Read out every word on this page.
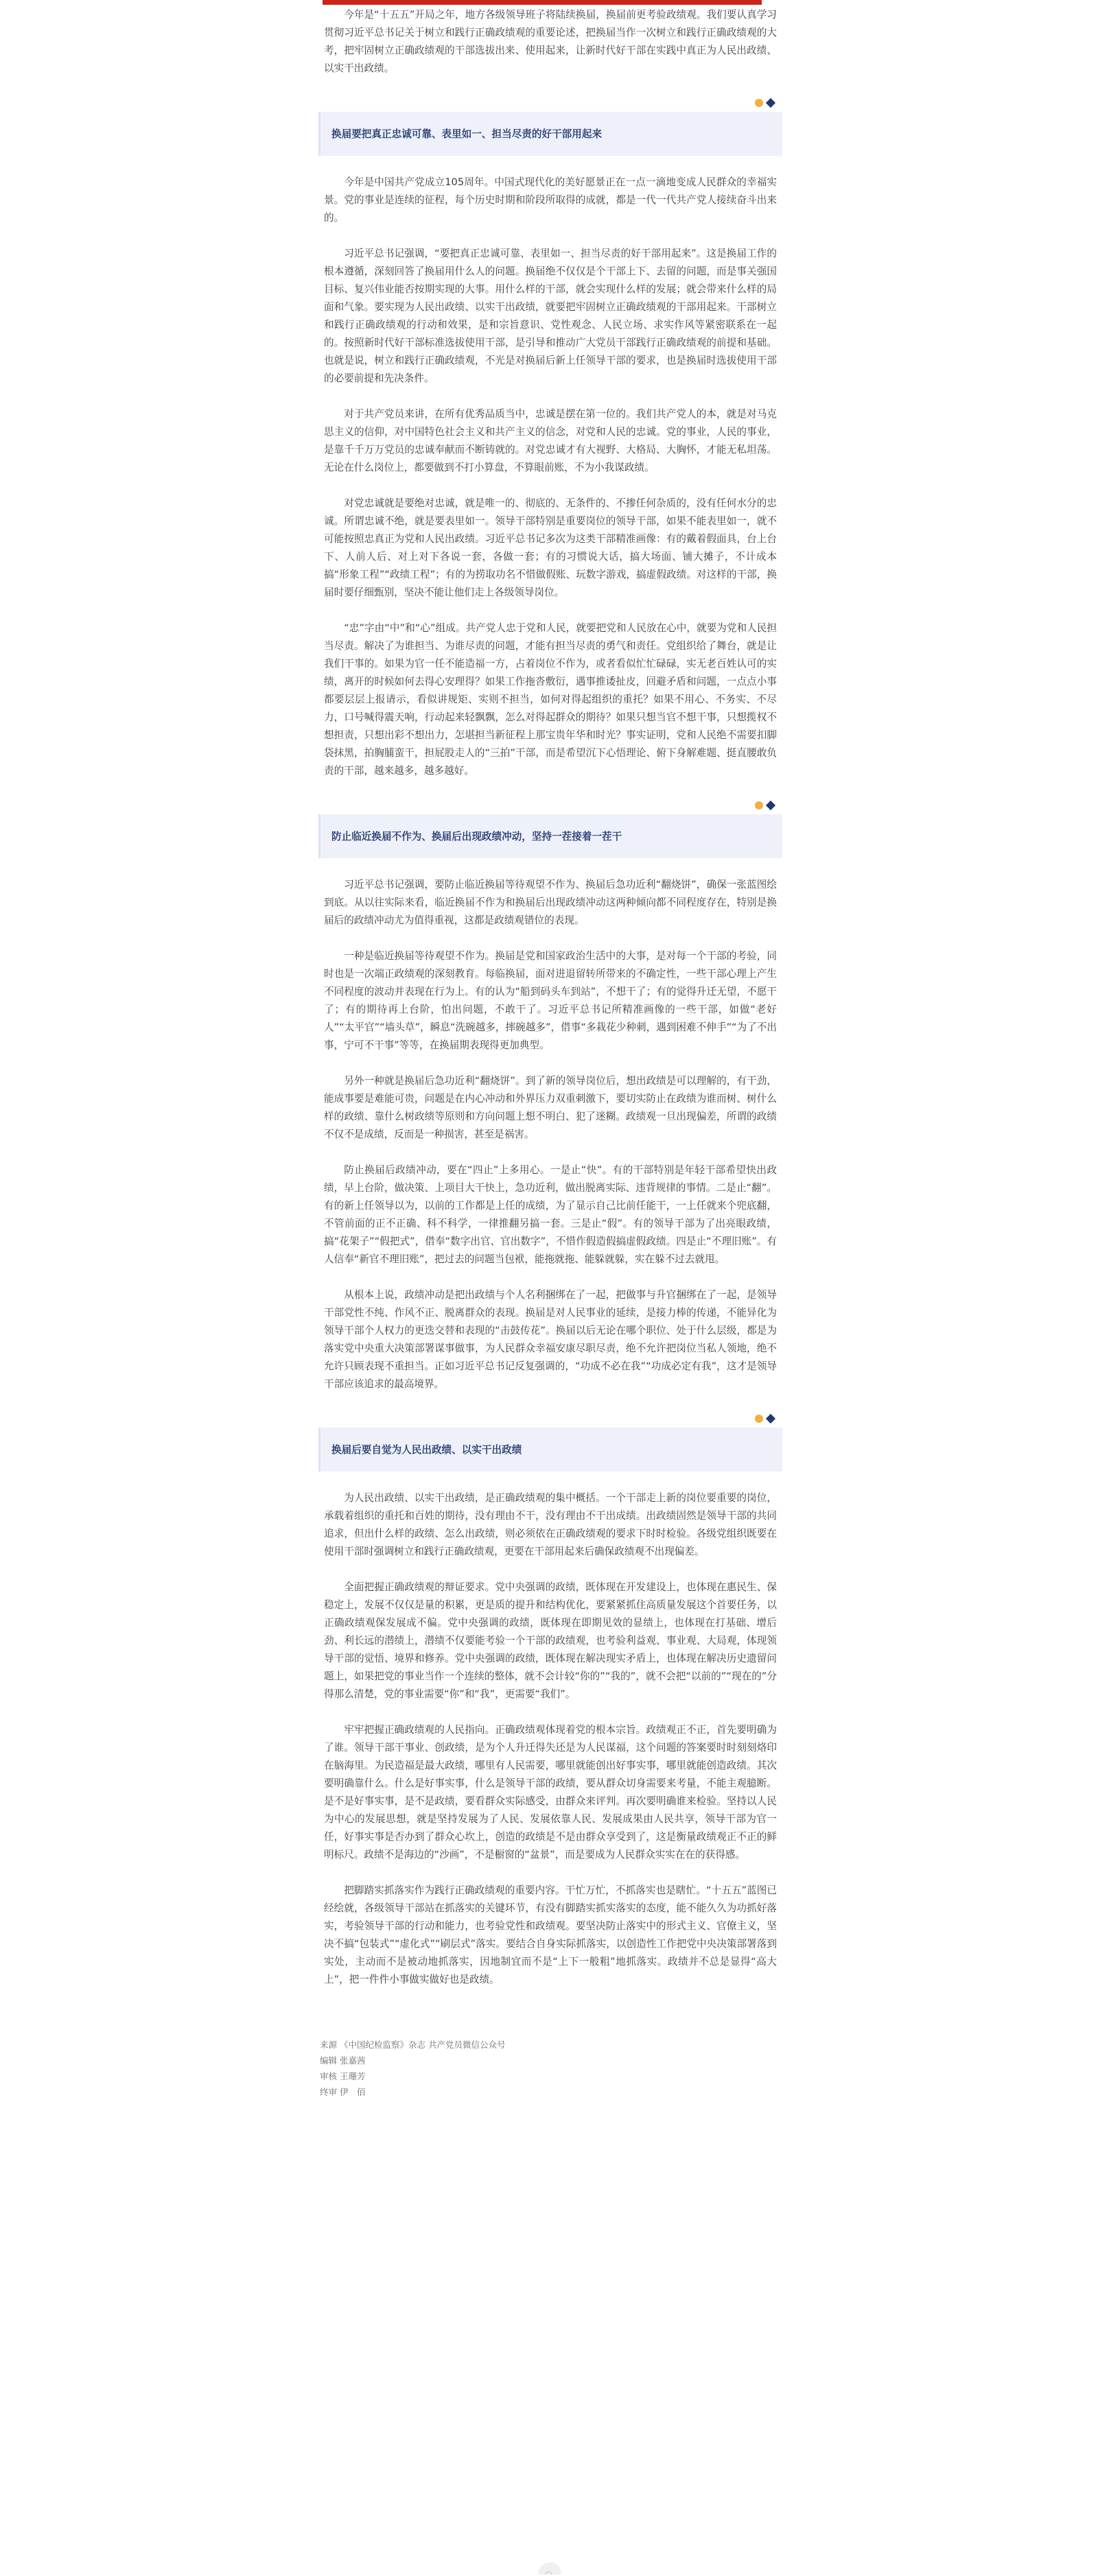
今年是“十五五”开局之年，地方各级领导班子将陆续换届，换届前更考验政绩观。我们要认真学习贯彻习近平总书记关于树立和践行正确政绩观的重要论述，把换届当作一次树立和践行正确政绩观的大考，把牢固树立正确政绩观的干部选拔出来、使用起来，让新时代好干部在实践中真正为人民出政绩、以实干出政绩。

换届要把真正忠诚可靠、表里如一、担当尽责的好干部用起来

今年是中国共产党成立105周年。中国式现代化的美好愿景正在一点一滴地变成人民群众的幸福实景。党的事业是连续的征程，每个历史时期和阶段所取得的成就，都是一代一代共产党人接续奋斗出来的。

习近平总书记强调，“要把真正忠诚可靠、表里如一、担当尽责的好干部用起来”。这是换届工作的根本遵循，深刻回答了换届用什么人的问题。换届绝不仅仅是个干部上下、去留的问题，而是事关强国目标、复兴伟业能否按期实现的大事。用什么样的干部，就会实现什么样的发展；就会带来什么样的局面和气象。要实现为人民出政绩、以实干出政绩，就要把牢固树立正确政绩观的干部用起来。干部树立和践行正确政绩观的行动和效果，是和宗旨意识、党性观念、人民立场、求实作风等紧密联系在一起的。按照新时代好干部标准选拔使用干部，是引导和推动广大党员干部践行正确政绩观的前提和基础。也就是说，树立和践行正确政绩观，不光是对换届后新上任领导干部的要求，也是换届时选拔使用干部的必要前提和先决条件。

对于共产党员来讲，在所有优秀品质当中，忠诚是摆在第一位的。我们共产党人的本，就是对马克思主义的信仰，对中国特色社会主义和共产主义的信念，对党和人民的忠诚。党的事业，人民的事业，是靠千千万万党员的忠诚奉献而不断铸就的。对党忠诚才有大视野、大格局、大胸怀，才能无私坦荡。无论在什么岗位上，都要做到不打小算盘，不算眼前账，不为小我谋政绩。

对党忠诚就是要绝对忠诚，就是唯一的、彻底的、无条件的、不掺任何杂质的，没有任何水分的忠诚。所谓忠诚不绝，就是要表里如一。领导干部特别是重要岗位的领导干部，如果不能表里如一，就不可能按照忠真正为党和人民出政绩。习近平总书记多次为这类干部精准画像：有的戴着假面具，台上台下、人前人后、对上对下各说一套，各做一套；有的习惯说大话，搞大场面、铺大摊子，不计成本搞“形象工程”“政绩工程”；有的为捞取功名不惜做假账、玩数字游戏，搞虚假政绩。对这样的干部，换届时要仔细甄别，坚决不能让他们走上各级领导岗位。

“忠”字由“中”和“心”组成。共产党人忠于党和人民，就要把党和人民放在心中，就要为党和人民担当尽责。解决了为谁担当、为谁尽责的问题，才能有担当尽责的勇气和责任。党组织给了舞台，就是让我们干事的。如果为官一任不能造福一方，占着岗位不作为，或者看似忙忙碌碌，实无老百姓认可的实绩，离开的时候如何去得心安理得？如果工作拖沓敷衍，遇事推诿扯皮，回避矛盾和问题，一点点小事都要层层上报请示，看似讲规矩、实则不担当，如何对得起组织的重托？如果不用心、不务实、不尽力，口号喊得震天响，行动起来轻飘飘，怎么对得起群众的期待？如果只想当官不想干事，只想揽权不想担责，只想出彩不想出力，怎堪担当新征程上那宝贵年华和时光？事实证明，党和人民绝不需要扣脚袋抹黑，拍胸脯蛮干，担屁股走人的“三拍”干部，而是希望沉下心悟理论、俯下身解难题、挺直腰敢负责的干部，越来越多，越多越好。

防止临近换届不作为、换届后出现政绩冲动，坚持一茬接着一茬干

习近平总书记强调，要防止临近换届等待观望不作为、换届后急功近利“翻烧饼”，确保一张蓝图绘到底。从以往实际来看，临近换届不作为和换届后出现政绩冲动这两种倾向都不同程度存在，特别是换届后的政绩冲动尤为值得重视，这都是政绩观错位的表现。

一种是临近换届等待观望不作为。换届是党和国家政治生活中的大事，是对每一个干部的考验，同时也是一次端正政绩观的深刻教育。每临换届，面对进退留转所带来的不确定性，一些干部心理上产生不同程度的波动并表现在行为上。有的认为“船到码头车到站”，不想干了；有的觉得升迁无望，不愿干了；有的期待再上台阶，怕出问题，不敢干了。习近平总书记所精准画像的一些干部，如做“老好人”“太平官”“墙头草”，瞬息“洗碗越多，摔碗越多”，借事“多栽花少种刺，遇到困难不伸手”“为了不出事，宁可不干事”等等，在换届期表现得更加典型。

另外一种就是换届后急功近利“翻烧饼”。到了新的领导岗位后，想出政绩是可以理解的，有干劲，能成事要是难能可贵，问题是在内心冲动和外界压力双重刺激下，要切实防止在政绩为谁而树、树什么样的政绩、靠什么树政绩等原则和方向问题上想不明白、犯了迷糊。政绩观一旦出现偏差，所谓的政绩不仅不是成绩，反而是一种损害，甚至是祸害。

防止换届后政绩冲动，要在“四止”上多用心。一是止“快”。有的干部特别是年轻干部希望快出政绩，早上台阶，做决策、上项目大干快上，急功近利，做出脱离实际、违背规律的事情。二是止“翻”。有的新上任领导以为，以前的工作都是上任的成绩，为了显示自己比前任能干，一上任就来个兜底翻，不管前面的正不正确、科不科学，一律推翻另搞一套。三是止“假”。有的领导干部为了出亮眼政绩，搞“花架子”“假把式”，借奉“数字出官、官出数字”，不惜作假造假搞虚假政绩。四是止“不理旧账”。有人信奉“新官不理旧账”，把过去的问题当包袱，能拖就拖、能躲就躲，实在躲不过去就甩。

从根本上说，政绩冲动是把出政绩与个人名利捆绑在了一起，把做事与升官捆绑在了一起，是领导干部党性不纯、作风不正、脱离群众的表现。换届是对人民事业的延续，是接力棒的传递，不能异化为领导干部个人权力的更迭交替和表现的“击鼓传花”。换届以后无论在哪个职位、处于什么层级，都是为落实党中央重大决策部署谋事做事，为人民群众幸福安康尽职尽责，绝不允许把岗位当私人领地，绝不允许只顾表现不重担当。正如习近平总书记反复强调的，“功成不必在我”“功成必定有我”，这才是领导干部应该追求的最高境界。

换届后要自觉为人民出政绩、以实干出政绩

为人民出政绩、以实干出政绩，是正确政绩观的集中概括。一个干部走上新的岗位要重要的岗位，承载着组织的重托和百姓的期待，没有理由不干，没有理由不干出成绩。出政绩固然是领导干部的共同追求，但出什么样的政绩、怎么出政绩，则必须依在正确政绩观的要求下时时检验。各级党组织既要在使用干部时强调树立和践行正确政绩观，更要在干部用起来后确保政绩观不出现偏差。

全面把握正确政绩观的辩证要求。党中央强调的政绩，既体现在开发建设上，也体现在惠民生、保稳定上，发展不仅仅是量的积累，更是质的提升和结构优化，要紧紧抓住高质量发展这个首要任务，以正确政绩观保发展成不偏。党中央强调的政绩，既体现在即期见效的显绩上，也体现在打基础、增后劲、利长远的潜绩上，潜绩不仅要能考验一个干部的政绩观，也考验利益观、事业观、大局观，体现领导干部的觉悟、境界和修养。党中央强调的政绩，既体现在解决现实矛盾上，也体现在解决历史遗留问题上，如果把党的事业当作一个连续的整体，就不会计较“你的”“我的”，就不会把“以前的”“现在的”分得那么清楚，党的事业需要“你”和“我”，更需要“我们”。

牢牢把握正确政绩观的人民指向。正确政绩观体现着党的根本宗旨。政绩观正不正，首先要明确为了谁。领导干部干事业、创政绩，是为个人升迁得失还是为人民谋福，这个问题的答案要时时刻刻烙印在脑海里。为民造福是最大政绩，哪里有人民需要，哪里就能创出好事实事，哪里就能创造政绩。其次要明确靠什么。什么是好事实事，什么是领导干部的政绩，要从群众切身需要来考量，不能主观臆断。是不是好事实事，是不是政绩，要看群众实际感受，由群众来评判。再次要明确谁来检验。坚持以人民为中心的发展思想，就是坚持发展为了人民、发展依靠人民、发展成果由人民共享，领导干部为官一任，好事实事是否办到了群众心坎上，创造的政绩是不是由群众享受到了，这是衡量政绩观正不正的鲜明标尺。政绩不是海边的“沙画”，不是橱窗的“盆景”，而是要成为人民群众实实在在的获得感。

把脚踏实抓落实作为践行正确政绩观的重要内容。干忙万忙，不抓落实也是瞎忙。“十五五”蓝图已经绘就，各级领导干部站在抓落实的关键环节，有没有脚踏实抓实落实的态度，能不能久久为功抓好落实，考验领导干部的行动和能力，也考验党性和政绩观。要坚决防止落实中的形式主义、官僚主义，坚决不搞“包装式”“虚化式”“刷层式”落实。要结合自身实际抓落实，以创造性工作把党中央决策部署落到实处，主动而不是被动地抓落实，因地制宜而不是“上下一般粗”地抓落实。政绩并不总是显得“高大上”，把一件件小事做实做好也是政绩。

来源 《中国纪检监察》杂志 共产党员微信公众号
编辑 张嘉茜
审核 王珊芳
终审 伊　佰
︿
